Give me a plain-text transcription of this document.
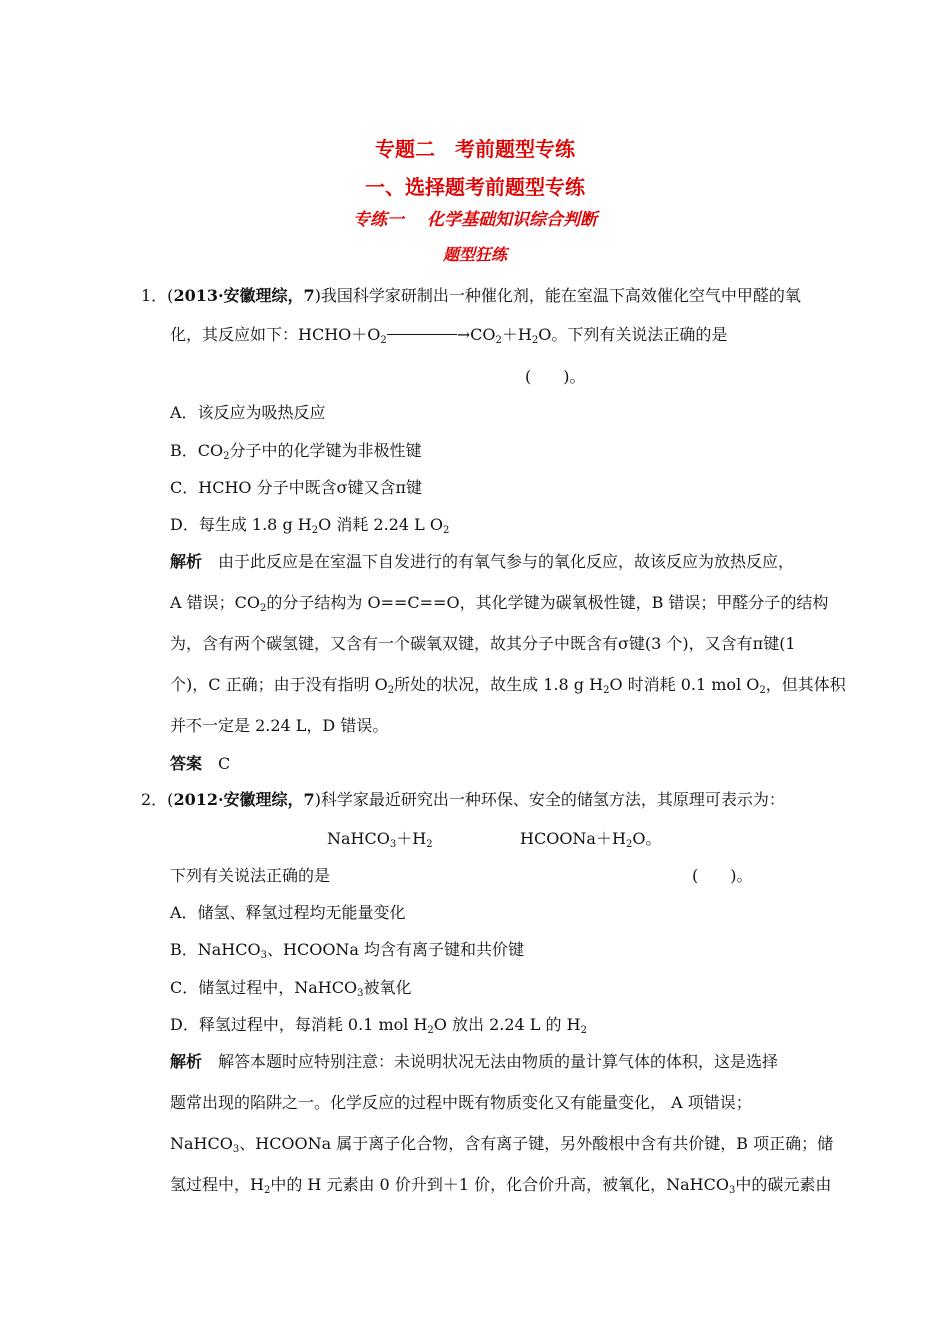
专题二　考前题型专练
一、选择题考前题型专练
专练一　 化学基础知识综合判断
题型狂练
1．(2013·安徽理综，7)我国科学家研制出一种催化剂，能在室温下高效催化空气中甲醛的氧
化，其反应如下：$HCHO+O_2$	$\to CO_2+H_2O$。下列有关说法正确的是
(　　)。
A．该反应为吸热反应
B．$CO_2$分子中的化学键为非极性键
C．HCHO 分子中既含σ键又含π键
D．每生成 1.8 g $H_2O$ 消耗 2.24 L $O_2$
解析　 由于此反应是在室温下自发进行的有氧气参与的氧化反应，故该反应为放热反应，
A 错误；$CO_2$的分子结构为 O==C==O，其化学键为碳氧极性键，B 错误；甲醛分子的结构
为，含有两个碳氢键，又含有一个碳氧双键，故其分子中既含有σ键(3 个)，又含有π键(1
个)，C 正确；由于没有指明 $O_2$所处的状况，故生成 1.8 g $H_2O$ 时消耗 0.1 mol $O_2$，但其体积
并不一定是 2.24 L，D 错误。
答案　 C
2．(2012·安徽理综，7)科学家最近研究出一种环保、安全的储氢方法，其原理可表示为：
$NaHCO_3+H_2$	$HCOONa+H_2O$。
下列有关说法正确的是	(　　)。
A．储氢、释氢过程均无能量变化
B．NaHCO$_3$、HCOONa 均含有离子键和共价键
C．储氢过程中，NaHCO$_3$被氧化
D．释氢过程中，每消耗 0.1 mol $H_2O$ 放出 2.24 L 的 $H_2$
解析　 解答本题时应特别注意：未说明状况无法由物质的量计算气体的体积，这是选择
题常出现的陷阱之一。化学反应的过程中既有物质变化又有能量变化， A 项错误；
NaHCO$_3$、HCOONa 属于离子化合物，含有离子键，另外酸根中含有共价键，B 项正确；储
氢过程中，$H_2$中的 H 元素由 0 价升到＋1 价，化合价升高，被氧化，NaHCO$_3$中的碳元素由
